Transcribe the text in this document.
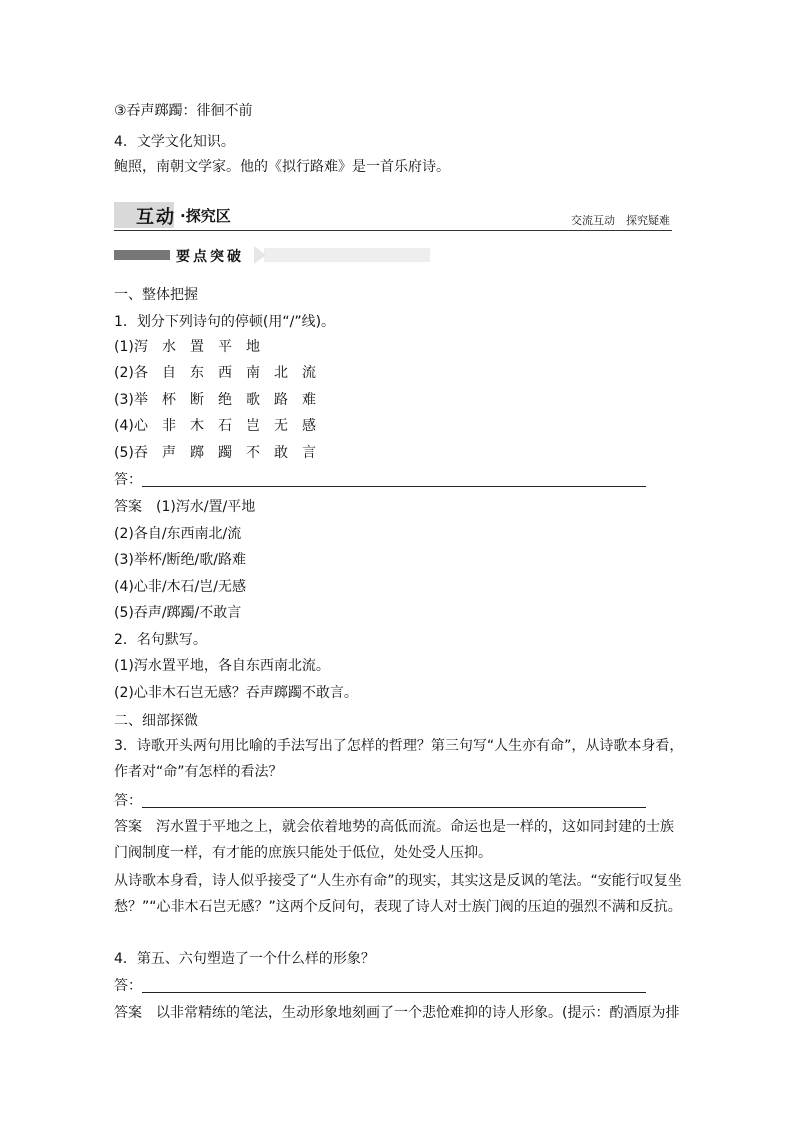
③吞声踯躅：徘徊不前
4．文学文化知识。
鲍照，南朝文学家。他的《拟行路难》是一首乐府诗。
互动 ·探究区	交流互动　探究疑难
要点突破
一、整体把握
1．划分下列诗句的停顿(用“/”线)。
(1)泻 水 置 平 地
(2)各 自 东 西 南 北 流
(3)举 杯 断 绝 歌 路 难
(4)心 非 木 石 岂 无 感
(5)吞 声 踯 躅 不 敢 言
答：
答案 (1)泻水/置/平地
(2)各自/东西南北/流
(3)举杯/断绝/歌/路难
(4)心非/木石/岂/无感
(5)吞声/踯躅/不敢言
2．名句默写。
(1)泻水置平地，各自东西南北流。
(2)心非木石岂无感？吞声踯躅不敢言。
二、细部探微
3．诗歌开头两句用比喻的手法写出了怎样的哲理？第三句写“人生亦有命”，从诗歌本身看，作者对“命”有怎样的看法？
答：
答案 泻水置于平地之上，就会依着地势的高低而流。命运也是一样的，这如同封建的士族门阀制度一样，有才能的庶族只能处于低位，处处受人压抑。
从诗歌本身看，诗人似乎接受了“人生亦有命”的现实，其实这是反讽的笔法。“安能行叹复坐愁？”“心非木石岂无感？”这两个反问句，表现了诗人对士族门阀的压迫的强烈不满和反抗。
4．第五、六句塑造了一个什么样的形象？
答：
答案 以非常精练的笔法，生动形象地刻画了一个悲怆难抑的诗人形象。(提示：酌酒原为排
